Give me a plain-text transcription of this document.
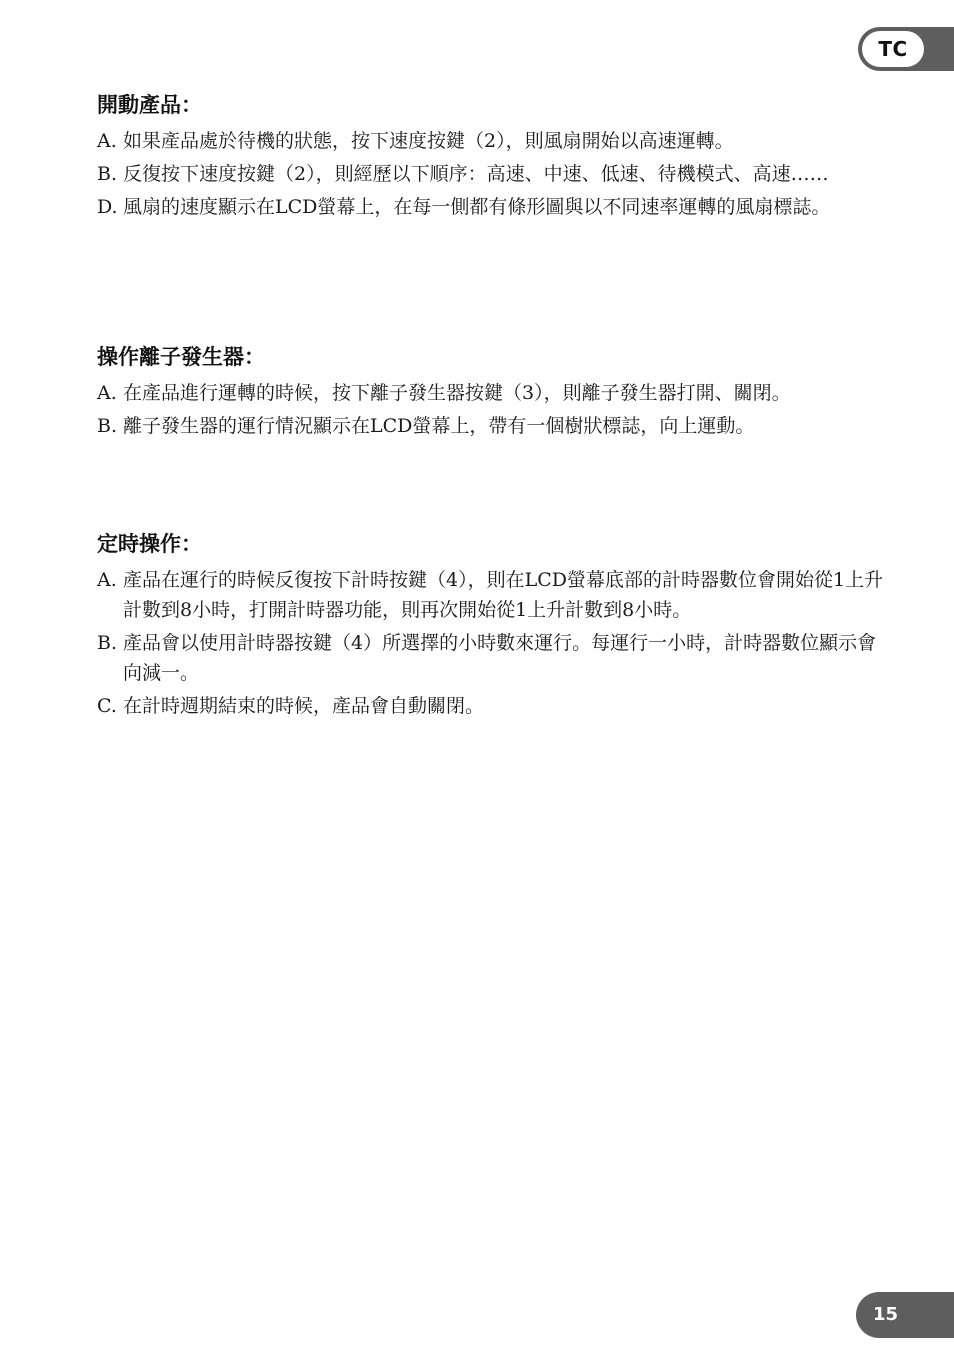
TC
開動產品：
A. 如果產品處於待機的狀態，按下速度按鍵（2），則風扇開始以高速運轉。
B. 反復按下速度按鍵（2），則經歷以下順序：高速、中速、低速、待機模式、高速……
D. 風扇的速度顯示在LCD螢幕上，在每一側都有條形圖與以不同速率運轉的風扇標誌。
操作離子發生器：
A. 在產品進行運轉的時候，按下離子發生器按鍵（3），則離子發生器打開、關閉。
B. 離子發生器的運行情況顯示在LCD螢幕上，帶有一個樹狀標誌，向上運動。
定時操作：
A. 產品在運行的時候反復按下計時按鍵（4），則在LCD螢幕底部的計時器數位會開始從1上升計數到8小時，打開計時器功能，則再次開始從1上升計數到8小時。
B. 產品會以使用計時器按鍵（4）所選擇的小時數來運行。每運行一小時，計時器數位顯示會向減一。
C. 在計時週期結束的時候，產品會自動關閉。
15
